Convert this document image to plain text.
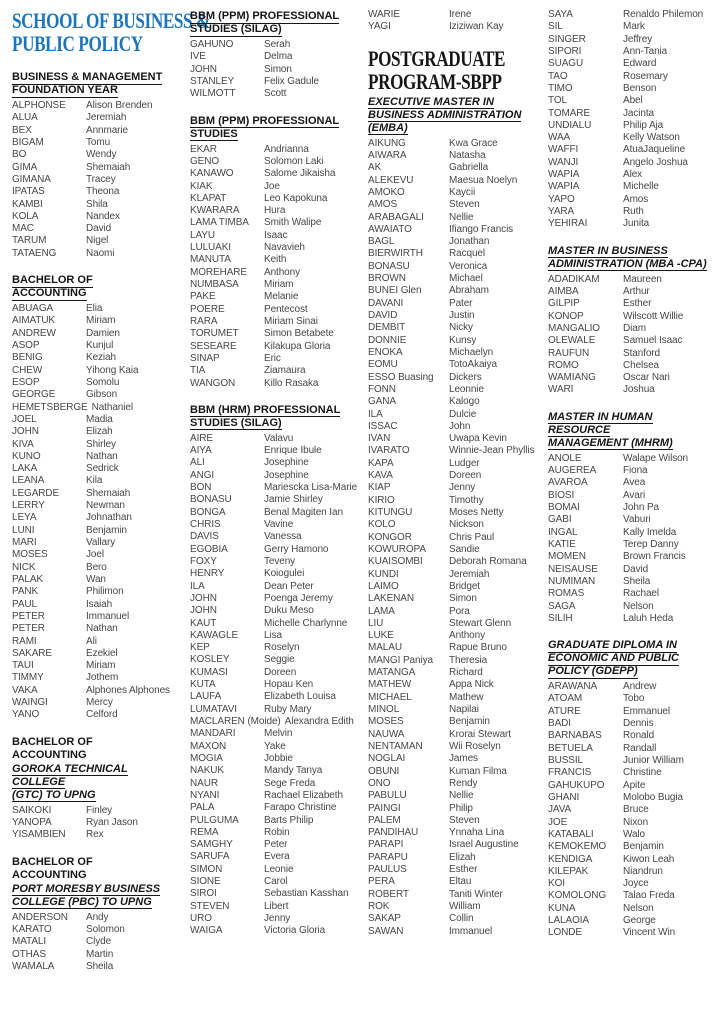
SCHOOL OF BUSINESS &
PUBLIC POLICY
BUSINESS & MANAGEMENT
FOUNDATION YEAR
ALPHONSE	Alison Brenden
ALUA	Jeremiah
BEX	Annmarie
BIGAM	Tomu
BO	Wendy
GIMA	Shemaiah
GIMANA	Tracey
IPATAS	Theona
KAMBI	Shila
KOLA	Nandex
MAC	David
TARUM	Nigel
TATAENG	Naomi
BACHELOR OF ACCOUNTING
ABUAGA	Elia
AIMATUK	Miriam
ANDREW	Damien
ASOP	Kunjul
BENIG	Keziah
CHEW	Yihong Kaia
ESOP	Somolu
GEORGE	Gibson
HEMETSBERGE Nathaniel
JOEL	Madia
JOHN	Elizah
KIVA	Shirley
KUNO	Nathan
LAKA	Sedrick
LEANA	Kila
LEGARDE	Shemaiah
LERRY	Newman
LEYA	Johnathan
LUNI	Benjamin
MARI	Vallary
MOSES	Joel
NICK	Bero
PALAK	Wan
PANK	Philimon
PAUL	Isaiah
PETER	Immanuel
PETER	Nathan
RAMI	Ali
SAKARE	Ezekiel
TAUI	Miriam
TIMMY	Jothem
VAKA	Alphones Alphones
WAINGI	Mercy
YANO	Celford
BACHELOR OF ACCOUNTING
GOROKA TECHNICAL COLLEGE
(GTC) TO UPNG
SAIKOKI	Finley
YANOPA	Ryan Jason
YISAMBIEN	Rex
BACHELOR OF ACCOUNTING
PORT MORESBY BUSINESS
COLLEGE (PBC) TO UPNG
ANDERSON	Andy
KARATO	Solomon
MATALI	Clyde
OTHAS	Martin
WAMALA	Sheila
BBM (PPM) PROFESSIONAL
STUDIES (SILAG)
GAHUNO	Serah
IVE	Delma
JOHN	Simon
STANLEY	Felix Gadule
WILMOTT	Scott
BBM (PPM) PROFESSIONAL
STUDIES
EKAR	Andrianna
GENO	Solomon Laki
KANAWO	Salome Jikaisha
KIAK	Joe
KLAPAT	Leo Kapokuna
KWARARA	Hura
LAMA TIMBA	Smith Walipe
LAYU	Isaac
LULUAKI	Navavieh
MANUTA	Keith
MOREHARE	Anthony
NUMBASA	Miriam
PAKE	Melanie
POERE	Pentecost
RARA	Miriam Sinai
TORUMET	Simon Betabete
SESEARE	Kilakupa Gloria
SINAP	Eric
TIA	Ziamaura
WANGON	Killo Rasaka
BBM (HRM) PROFESSIONAL
STUDIES (SILAG)
AIRE	Valavu
AIYA	Enrique Ibule
ALI	Josephine
ANGI	Josephine
BON	Mariescka Lisa-Marie
BONASU	Jamie Shirley
BONGA	Benal Magiten Ian
CHRIS	Vavine
DAVIS	Vanessa
EGOBIA	Gerry Hamono
FOXY	Teveny
HENRY	Koiogulei
ILA	Dean Peter
JOHN	Poenga Jeremy
JOHN	Duku Meso
KAUT	Michelle Charlynne
KAWAGLE	Lisa
KEP	Roselyn
KOSLEY	Seggie
KUMASI	Doreen
KUTA	Hopau Ken
LAUFA	Elizabeth Louisa
LUMATAVI	Ruby Mary
MACLAREN (Moide) Alexandra Edith
MANDARI	Melvin
MAXON	Yake
MOGIA	Jobbie
NAKUK	Mandy Tanya
NAUR	Sege Freda
NYANI	Rachael Elizabeth
PALA	Farapo Christine
PULGUMA	Barts Philip
REMA	Robin
SAMGHY	Peter
SARUFA	Evera
SIMON	Leonie
SIONE	Carol
SIROI	Sebastian Kasshan
STEVEN	Libert
URO	Jenny
WAIGA	Victoria Gloria
WARIE	Irene
YAGI	Iziziwan Kay
POSTGRADUATE
PROGRAM-SBPP
EXECUTIVE MASTER IN
BUSINESS ADMINISTRATION
(EMBA)
AIKUNG	Kwa Grace
AIWARA	Natasha
AK	Gabriella
ALEKEVU	Maesua Noelyn
AMOKO	Kaycii
AMOS	Steven
ARABAGALI	Nellie
AWAIATO	Ifiango Francis
BAGL	Jonathan
BIERWIRTH	Racquel
BONASU	Veronica
BROWN	Michael
BUNEI Glen	Abraham
DAVANI	Pater
DAVID	Justin
DEMBIT	Nicky
DONNIE	Kunsy
ENOKA	Michaelyn
EOMU	TotoAkaiya
ESSO Buasing	Dickers
FONN	Leonnie
GANA	Kalogo
ILA	Dulcie
ISSAC	John
IVAN	Uwapa Kevin
IVARATO	Winnie-Jean Phyllis
KAPA	Ludger
KAVA	Doreen
KIAP	Jenny
KIRIO	Timothy
KITUNGU	Moses Netty
KOLO	Nickson
KONGOR	Chris Paul
KOWUROPA	Sandie
KUAISOMBI	Deborah Romana
KUNDI	Jeremiah
LAIMO	Bridget
LAKENAN	Simon
LAMA	Pora
LIU	Stewart Glenn
LUKE	Anthony
MALAU	Rapue Bruno
MANGI Paniya	Theresia
MATANGA	Richard
MATHEW	Appa Nick
MICHAEL	Mathew
MINOL	Napilai
MOSES	Benjamin
NAUWA	Krorai Stewart
NENTAMAN	Wii Roselyn
NOGLAI	James
OBUNI	Kuman Filma
ONO	Rendy
PABULU	Nellie
PAINGI	Philip
PALEM	Steven
PANDIHAU	Ynnaha Lina
PARAPI	Israel Augustine
PARAPU	Elizah
PAULUS	Esther
PERA	Eltau
ROBERT	Taniti Winter
ROK	William
SAKAP	Collin
SAWAN	Immanuel
SAYA	Renaldo Philemon
SIL	Mark
SINGER	Jeffrey
SIPORI	Ann-Tania
SUAGU	Edward
TAO	Rosemary
TIMO	Benson
TOL	Abel
TOMARE	Jacinta
UNDIALU	Philip Aja
WAA	Kelly Watson
WAFFI	AtuaJaqueline
WANJI	Angelo Joshua
WAPIA	Alex
WAPIA	Michelle
YAPO	Amos
YARA	Ruth
YEHIRAI	Junita
MASTER IN BUSINESS
ADMINISTRATION (MBA -CPA)
ADADIKAM	Maureen
AIMBA	Arthur
GILPIP	Esther
KONOP	Wilscott Willie
MANGALIO	Diam
OLEWALE	Samuel Isaac
RAUFUN	Stanford
ROMO	Chelsea
WAMIANG	Oscar Nari
WARI	Joshua
MASTER IN HUMAN RESOURCE
MANAGEMENT (MHRM)
ANOLE	Walape Wilson
AUGEREA	Fiona
AVAROA	Avea
BIOSI	Avari
BOMAI	John Pa
GABI	Vaburi
INGAL	Kally Imelda
KATIE	Terep Danny
MOMEN	Brown Francis
NEISAUSE	David
NUMIMAN	Sheila
ROMAS	Rachael
SAGA	Nelson
SILIH	Laluh Heda
GRADUATE DIPLOMA IN
ECONOMIC AND PUBLIC
POLICY (GDEPP)
ARAWANA	Andrew
ATOAM	Tobo
ATURE	Emmanuel
BADI	Dennis
BARNABAS	Ronald
BETUELA	Randall
BUSSIL	Junior William
FRANCIS	Christine
GAHUKUPO	Apite
GHANI	Molobo Bugia
JAVA	Bruce
JOE	Nixon
KATABALI	Walo
KEMOKEMO	Benjamin
KENDIGA	Kiwon Leah
KILEPAK	Niandrun
KOI	Joyce
KOMOLONG	Talao Freda
KUNA	Nelson
LALAOIA	George
LONDE	Vincent Win
